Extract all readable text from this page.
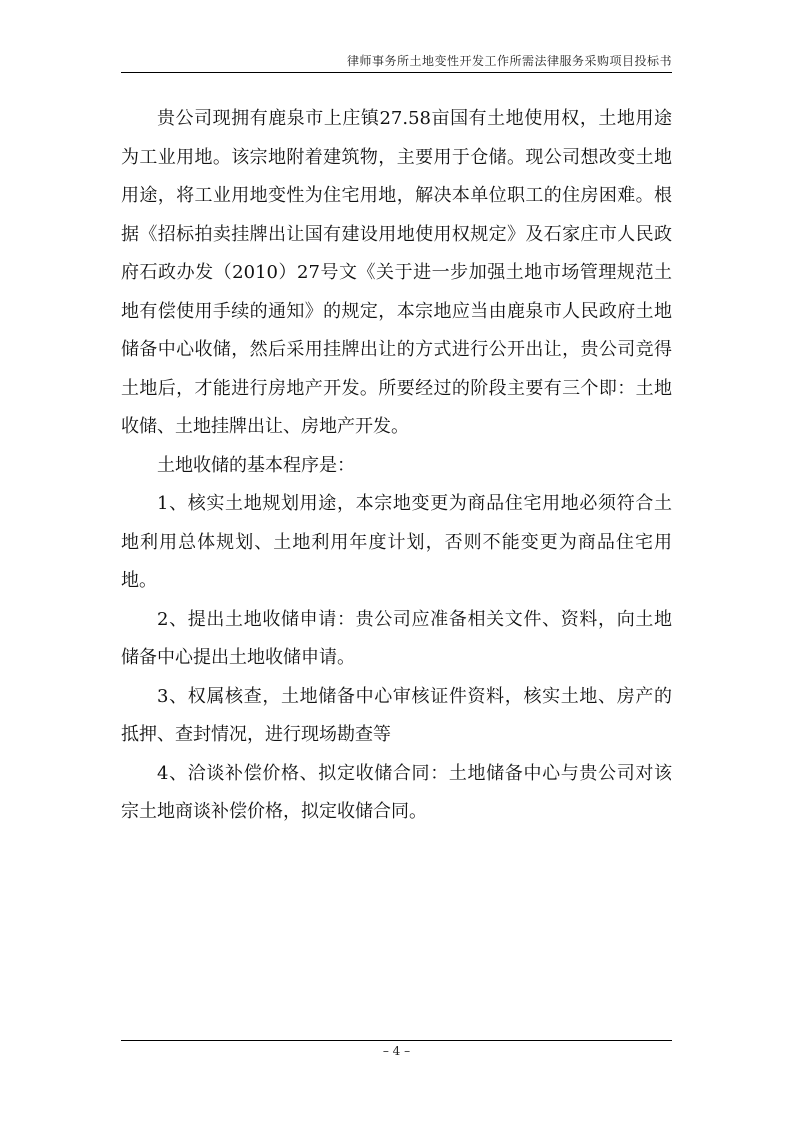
律师事务所土地变性开发工作所需法律服务采购项目投标书

贵公司现拥有鹿泉市上庄镇27.58亩国有土地使用权，土地用途为工业用地。该宗地附着建筑物，主要用于仓储。现公司想改变土地用途，将工业用地变性为住宅用地，解决本单位职工的住房困难。根据《招标拍卖挂牌出让国有建设用地使用权规定》及石家庄市人民政府石政办发（2010）27号文《关于进一步加强土地市场管理规范土地有偿使用手续的通知》的规定，本宗地应当由鹿泉市人民政府土地储备中心收储，然后采用挂牌出让的方式进行公开出让，贵公司竞得土地后，才能进行房地产开发。所要经过的阶段主要有三个即：土地收储、土地挂牌出让、房地产开发。

土地收储的基本程序是：

1、核实土地规划用途，本宗地变更为商品住宅用地必须符合土地利用总体规划、土地利用年度计划，否则不能变更为商品住宅用地。

2、提出土地收储申请：贵公司应准备相关文件、资料，向土地储备中心提出土地收储申请。

3、权属核查，土地储备中心审核证件资料，核实土地、房产的抵押、查封情况，进行现场勘查等

4、洽谈补偿价格、拟定收储合同：土地储备中心与贵公司对该宗土地商谈补偿价格，拟定收储合同。

– 4 –
